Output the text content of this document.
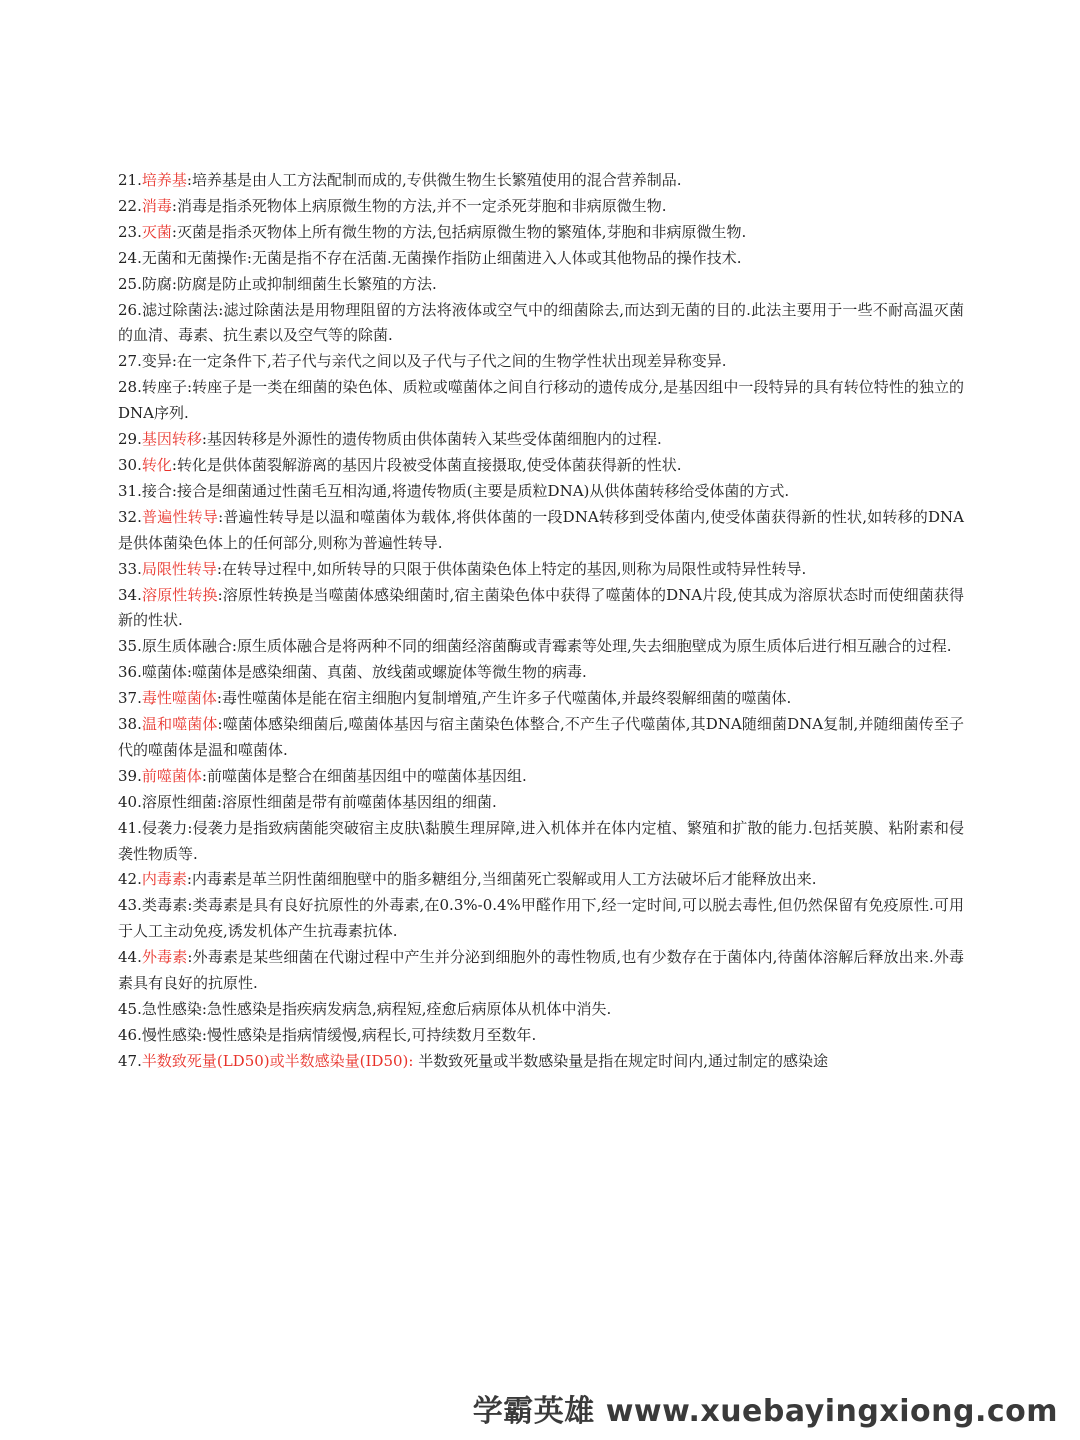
21.培养基:培养基是由人工方法配制而成的,专供微生物生长繁殖使用的混合营养制品.

22.消毒:消毒是指杀死物体上病原微生物的方法,并不一定杀死芽胞和非病原微生物.

23.灭菌:灭菌是指杀灭物体上所有微生物的方法,包括病原微生物的繁殖体,芽胞和非病原微生物.

24.无菌和无菌操作:无菌是指不存在活菌.无菌操作指防止细菌进入人体或其他物品的操作技术.

25.防腐:防腐是防止或抑制细菌生长繁殖的方法.

26.滤过除菌法:滤过除菌法是用物理阻留的方法将液体或空气中的细菌除去,而达到无菌的目的.此法主要用于一些不耐高温灭菌的血清、毒素、抗生素以及空气等的除菌.

27.变异:在一定条件下,若子代与亲代之间以及子代与子代之间的生物学性状出现差异称变异.

28.转座子:转座子是一类在细菌的染色体、质粒或噬菌体之间自行移动的遗传成分,是基因组中一段特异的具有转位特性的独立的DNA序列.

29.基因转移:基因转移是外源性的遗传物质由供体菌转入某些受体菌细胞内的过程.

30.转化:转化是供体菌裂解游离的基因片段被受体菌直接摄取,使受体菌获得新的性状.

31.接合:接合是细菌通过性菌毛互相沟通,将遗传物质(主要是质粒DNA)从供体菌转移给受体菌的方式.

32.普遍性转导:普遍性转导是以温和噬菌体为载体,将供体菌的一段DNA转移到受体菌内,使受体菌获得新的性状,如转移的DNA是供体菌染色体上的任何部分,则称为普遍性转导.

33.局限性转导:在转导过程中,如所转导的只限于供体菌染色体上特定的基因,则称为局限性或特异性转导.

34.溶原性转换:溶原性转换是当噬菌体感染细菌时,宿主菌染色体中获得了噬菌体的DNA片段,使其成为溶原状态时而使细菌获得新的性状.

35.原生质体融合:原生质体融合是将两种不同的细菌经溶菌酶或青霉素等处理,失去细胞壁成为原生质体后进行相互融合的过程.

36.噬菌体:噬菌体是感染细菌、真菌、放线菌或螺旋体等微生物的病毒.

37.毒性噬菌体:毒性噬菌体是能在宿主细胞内复制增殖,产生许多子代噬菌体,并最终裂解细菌的噬菌体.

38.温和噬菌体:噬菌体感染细菌后,噬菌体基因与宿主菌染色体整合,不产生子代噬菌体,其DNA随细菌DNA复制,并随细菌传至子代的噬菌体是温和噬菌体.

39.前噬菌体:前噬菌体是整合在细菌基因组中的噬菌体基因组.

40.溶原性细菌:溶原性细菌是带有前噬菌体基因组的细菌.

41.侵袭力:侵袭力是指致病菌能突破宿主皮肤\黏膜生理屏障,进入机体并在体内定植、繁殖和扩散的能力.包括荚膜、粘附素和侵袭性物质等.

42.内毒素:内毒素是革兰阴性菌细胞壁中的脂多糖组分,当细菌死亡裂解或用人工方法破坏后才能释放出来.

43.类毒素:类毒素是具有良好抗原性的外毒素,在0.3%-0.4%甲醛作用下,经一定时间,可以脱去毒性,但仍然保留有免疫原性.可用于人工主动免疫,诱发机体产生抗毒素抗体.

44.外毒素:外毒素是某些细菌在代谢过程中产生并分泌到细胞外的毒性物质,也有少数存在于菌体内,待菌体溶解后释放出来.外毒素具有良好的抗原性.

45.急性感染:急性感染是指疾病发病急,病程短,痊愈后病原体从机体中消失.

46.慢性感染:慢性感染是指病情缓慢,病程长,可持续数月至数年.

47.半数致死量(LD50)或半数感染量(ID50): 半数致死量或半数感染量是指在规定时间内,通过制定的感染途

学霸英雄 www.xuebayingxiong.com
